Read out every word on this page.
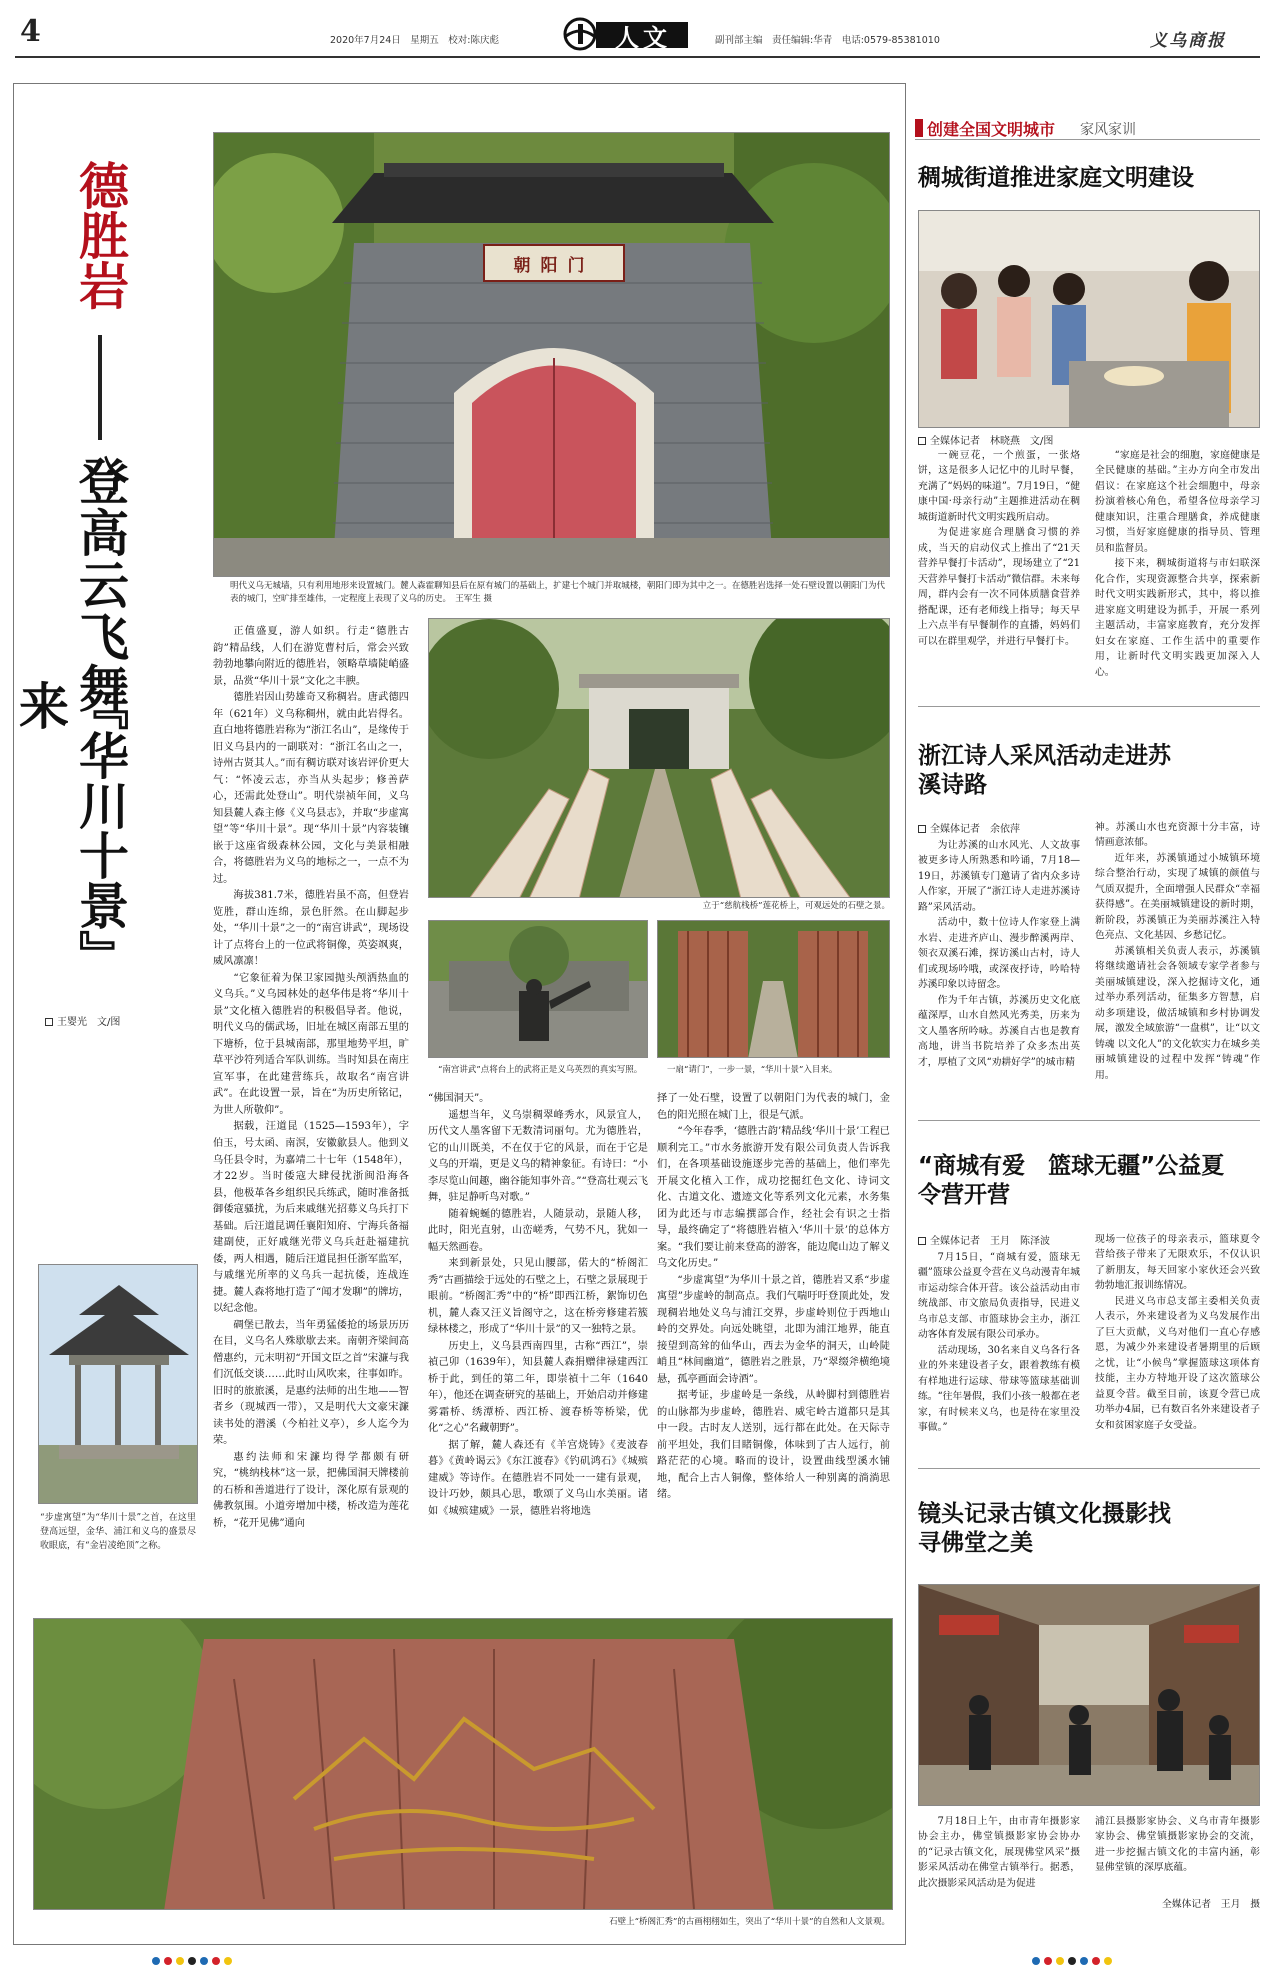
4	2020年7月24日　星期五　校对:陈庆彪	人文	副刊部主编　责任编辑:华青　电话:0579-85381010	义乌商报
德胜岩
登高云飞舞
『华川十景』来
王婴光　文/图
朝阳门
明代义乌无城墙，只有利用地形来设置城门。麓人森霍聊知县后在原有城门的基础上，扩建七个城门并取城楼，朝阳门即为其中之一。在德胜岩选择一处石壁设置以朝阳门为代表的城门，空旷排至雄伟，一定程度上表现了义乌的历史。　王军生 摄

正值盛夏，游人如织。行走“德胜古韵”精品线，人们在游览曹村后，常会兴致勃勃地攀向附近的德胜岩，领略草墙陡峭盛景，品赏“华川十景”文化之丰腴。

德胜岩因山势雄奇又称稠岩。唐武德四年（621年）义乌称稠州，就由此岩得名。直白地将德胜岩称为“浙江名山”，是缘传于旧义乌县内的一副联对：“浙江名山之一，诗州古贤其人。”而有稠访联对该岩评价更大气：“怀凌云志，亦当从头起步；修善萨心，还需此处登山”。明代崇祯年间，义乌知县麓人森主修《义乌县志》，并取“步虚寓望”等“华川十景”。现“华川十景”内容装镶嵌于这座省级森林公园，文化与美景相融合，将德胜岩为义乌的地标之一，一点不为过。

海拔381.7米，德胜岩虽不高，但登岩览胜，群山连绵，景色肝然。在山脚起步处，“华川十景”之一的“南宫讲武”，现场设计了点将台上的一位武将铜像，英姿飒爽，威风凛凛！

“它象征着为保卫家园抛头颅洒热血的义乌兵。”义乌园林处的赵华伟是将“华川十景”文化植入德胜岩的积极倡导者。他说，明代义乌的儒武场，旧址在城区南部五里的下塘桥，位于县城南部，那里地势平坦，旷草平沙符列适合军队训练。当时知县在南庄宣军事，在此建营练兵，故取名“南宫讲武”。在此设置一景，旨在“为历史所铭记，为世人所敬仰”。

据载，汪道昆（1525—1593年），字伯玉，号太函、南溟，安徽歙县人。他到义乌任县令时，为嘉靖二十七年（1548年），才22岁。当时倭寇大肆侵扰浙闽沿海各县，他极革各乡组织民兵练武，随时准备抵御倭寇骚扰，为后来戚继光招募义乌兵打下基础。后汪道昆调任襄阳知府、宁海兵备福建副使，正好戚继光带义乌兵赶赴福建抗倭，两人相遇，随后汪道昆担任浙军监军，与戚继光所率的义乌兵一起抗倭，连战连捷。麓人森将地打造了“闻才发聊”的牌坊，以纪念他。

碉堡已散去，当年勇猛倭抢的场景历历在目，义乌名人殊歇歇去来。南朝齐梁间高僧惠约，元末明初“开国文臣之首”宋濂与我们沉低交谈……此时山风吹来，往事如昨。旧时的旅旅溪，是惠约法师的出生地——智者乡（现城西一带），又是明代大文豪宋濂读书处的潜溪（今柏社义亭），乡人迄今为荣。

惠约法师和宋濂均得学都颇有研究，“桃纳栈林”这一景，把佛国洞天牌楼前的石桥和善道进行了设计，深化原有景观的佛教氛围。小道旁增加中楼，桥改造为莲花桥，“花开见佛”通向

立于“慈航栈桥”莲花桥上，可观远处的石壁之景。
“南宫讲武”点将台上的武将正是义乌英烈的真实写照。	一扇“请门”，一步一景，“华川十景”入目来。

“佛国洞天”。

遥想当年，义乌崇稠翠峰秀水，风景宜人，历代文人墨客留下无数清词丽句。尤为德胜岩，它的山川既美，不在仅于它的风景，而在于它是义乌的开端，更是义乌的精神象征。有诗曰：“小李尽览山间趣，幽谷能知事外音。”“登高壮观云飞舞，驻足静听鸟对歌。”

随着蜿蜒的德胜岩，人随景动，景随人移，此时，阳光直射，山峦嵯秀，气势不凡，犹如一幅天然画卷。

来到新景处，只见山腰部，偌大的“桥阁汇秀”古画描绘于远处的石壁之上，石壁之景展现于眼前。“桥阁汇秀”中的“桥”即西江桥，絮饰切色机，麓人森又汪义旨阁守之，这在桥旁修建若簇绿林楼之，形成了“华川十景”的又一独特之景。

历史上，义乌县西南四里，古称“西江”，崇禎己卯（1639年），知县麓人森捐赠律禄建西江桥于此，到任的第二年，即崇禎十二年（1640年），他还在调查研究的基础上，开始启动并修建雾霜桥、绣潭桥、西江桥、渡春桥等桥梁，优化“之心”名藏朝野”。

据了解，麓人森还有《羊宫烧铸》《麦波春暮》《黄岭谒云》《东江渡春》《钓矶鸿石》《城殡建威》等诗作。在德胜岩不同处一一建有景观，设计巧妙，颇具心思，歌颂了义乌山水美丽。诸如《城殡建威》一景，德胜岩将地选

择了一处石壁，设置了以朝阳门为代表的城门，金色的阳光照在城门上，很是气派。

“今年春季，‘德胜古韵’精品线‘华川十景’工程已顺利完工。”市水务旅游开发有限公司负责人告诉我们，在各项基础设施逐步完善的基础上，他们率先开展文化植入工作，成功挖掘红色文化、诗词文化、古道文化、遗迹文化等系列文化元素，水务集团为此还与市志编撰部合作，经社会有识之士指导，最终确定了“将德胜岩植入‘华川十景’的总体方案。“我们要让前来登高的游客，能边爬山边了解义乌文化历史。”

“步虚寓望”为华川十景之首，德胜岩又系“步虚寓望”步虚岭的制高点。我们气喘吁吁登顶此处，发现稠岩地处义乌与浦江交界，步虚岭则位于西地山岭的交界处。向远处眺望，北即为浦江地界，能直接望到高耸的仙华山，西去为金华的洞天，山岭陡峭且“林间幽道”，德胜岩之胜景，乃“翠缀斧横绝境悬，孤亭画面会诗酒”。

据考证，步虚岭是一条线，从岭脚村到德胜岩的山脉都为步虚岭，德胜岩、威宅岭古道都只是其中一段。古时友人送别，远行都在此处。在天际寺前平坦处，我们目睹铜像，体味到了古人远行，前路茫茫的心境。略而的设计，设置曲线型溪水铺地，配合上古人铜像，整体给人一种别离的淌淌思绪。

“步虚寓望”为“华川十景”之首，在这里登高远望，金华、浦江和义乌的盛景尽收眼底，有“金岩凌绝顶”之称。
石壁上“桥阁汇秀”的古画栩栩如生，突出了“华川十景”的自然和人文景观。
创建全国文明城市 家风家训
稠城街道推进家庭文明建设
全媒体记者　林晓燕　文/图

一碗豆花，一个煎蛋，一张烙饼，这是很多人记忆中的儿时早餐，充满了“妈妈的味道”。7月19日，“健康中国·母亲行动”主题推进活动在稠城街道新时代文明实践所启动。

为促进家庭合理膳食习惯的养成，当天的启动仪式上推出了“21天营养早餐打卡活动”，现场建立了“21天营养早餐打卡活动”微信群。未来每周，群内会有一次不同体质膳食营养搭配课，还有老师线上指导；每天早上六点半有早餐制作的直播，妈妈们可以在群里观学，并进行早餐打卡。

“家庭是社会的细胞，家庭健康是全民健康的基础。”主办方向全市发出倡议：在家庭这个社会细胞中，母亲扮演着核心角色，希望各位母亲学习健康知识，注重合理膳食，养成健康习惯，当好家庭健康的指导员、管理员和监督员。

接下来，稠城街道将与市妇联深化合作，实现资源整合共享，探索新时代文明实践新形式，其中，将以推进家庭文明建设为抓手，开展一系列主题活动，丰富家庭教育，充分发挥妇女在家庭、工作生活中的重要作用，让新时代文明实践更加深入人心。

浙江诗人采风活动走进苏溪诗路
全媒体记者　余依萍

为让苏溪的山水风光、人文故事被更多诗人所熟悉和吟诵，7月18—19日，苏溪镇专门邀请了省内众多诗人作家，开展了“浙江诗人走进苏溪诗路”采风活动。

活动中，数十位诗人作家登上满水岩、走进齐庐山、漫步醉溪两岸、领衣双溪石滩，探访溪山古村，诗人们或现场吟哦，或深夜抒诗，吟哈特苏溪印象以诗留念。

作为千年古镇，苏溪历史文化底蕴深厚，山水自然风光秀美，历来为文人墨客所吟咏。苏溪自古也是教育高地，讲当书院培养了众多杰出英才，厚植了文风“劝耕好学”的城市精

神。苏溪山水也充资源十分丰富，诗情画意浓郁。

近年来，苏溪镇通过小城镇环境综合整治行动，实现了城镇的颜值与气质双提升，全面增强人民群众“幸福获得感”。在美丽城镇建设的新时期，新阶段，苏溪镇正为美丽苏溪注入特色亮点、文化基因、乡愁记忆。

苏溪镇相关负责人表示，苏溪镇将继续邀请社会各领域专家学者参与美丽城镇建设，深入挖掘诗文化，通过举办系列活动，征集多方智慧，启动多项建设，做活城镇和乡村协调发展，激发全域旅游“一盘棋”，让“以文铸魂 以文化人”的文化软实力在城乡美丽城镇建设的过程中发挥“铸魂”作用。

“商城有爱　篮球无疆”公益夏令营开营
全媒体记者　王月　陈泽波

7月15日，“商城有爱，篮球无疆”篮球公益夏令营在义乌动漫青年城市运动综合体开营。该公益活动由市统战部、市文旅局负责指导，民进义乌市总支部、市篮球协会主办，浙江动客体育发展有限公司承办。

活动现场，30名来自义乌各行各业的外来建设者子女，跟着教练有模有样地进行运球、带球等篮球基础训练。“往年暑假，我们小孩一般都在老家，有时候来义乌，也是待在家里没事做。”

现场一位孩子的母亲表示，篮球夏令营给孩子带来了无限欢乐，不仅认识了新朋友，每天回家小家伙还会兴致勃勃地汇报训练情况。

民进义乌市总支部主委相关负责人表示，外来建设者为义乌发展作出了巨大贡献，义乌对他们一直心存感恩，为减少外来建设者暑期里的后顾之忧，让“小候鸟”掌握篮球这项体育技能，主办方特地开设了这次篮球公益夏令营。截至目前，该夏令营已成功举办4届，已有数百名外来建设者子女和贫困家庭子女受益。

镜头记录古镇文化摄影找寻佛堂之美

7月18日上午，由市青年摄影家协会主办，佛堂镇摄影家协会协办的“记录古镇文化，展现佛堂风采”摄影采风活动在佛堂古镇举行。据悉，此次摄影采风活动是为促进

浦江县摄影家协会、义乌市青年摄影家协会、佛堂镇摄影家协会的交流，进一步挖掘古镇文化的丰富内涵，彰显佛堂镇的深厚底蕴。

全媒体记者　王月　摄
